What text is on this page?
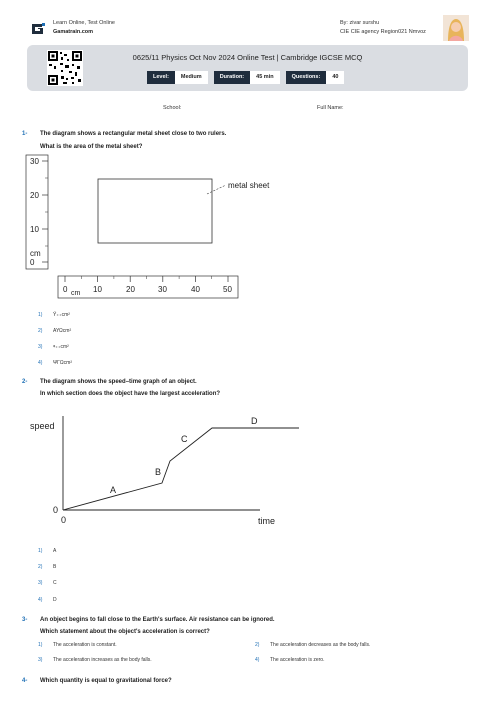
Learn Online, Test Online
Gamatrain.com
By: zivar surshu
CIE CIE agency Region021 Nmvoz
0625/11 Physics Oct Nov 2024 Online Test | Cambridge IGCSE MCQ
Level:	Medium	Duration:	45 min	Questions:	40
School:	Full Name:
1- The diagram shows a rectangular metal sheet close to two rulers.
What is the area of the metal sheet?
30
20
10
cm
0
metal sheet
0 cm 10	20	30	40	50
1) Ÿ₊₊cm²
2) ΑΥΩcm²
3) ᵠ₊₊cm²
4) ΨΓΩcm²
2- The diagram shows the speed–time graph of an object.
In which section does the object have the largest acceleration?
speed
time
0
0
A
B
C
D
1) A
2) B
3) C
4) D
3- An object begins to fall close to the Earth's surface. Air resistance can be ignored.
Which statement about the object's acceleration is correct?
1) The acceleration is constant.	2) The acceleration decreases as the body falls.
3) The acceleration increases as the body falls.	4) The acceleration is zero.
4- Which quantity is equal to gravitational force?
